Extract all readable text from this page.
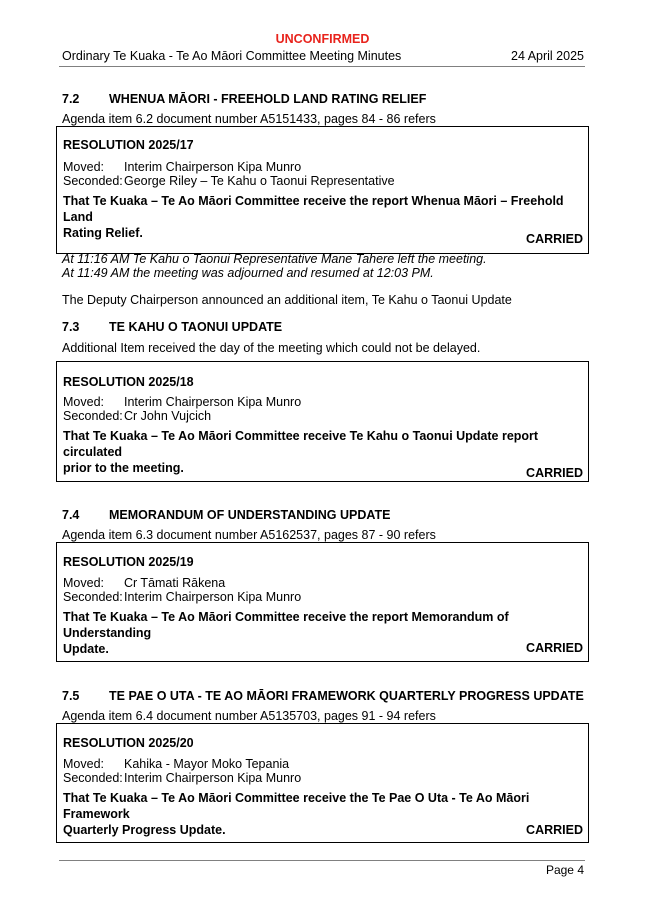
UNCONFIRMED
Ordinary Te Kuaka - Te Ao Māori Committee Meeting Minutes	24 April 2025
7.2 WHENUA MĀORI - FREEHOLD LAND RATING RELIEF
Agenda item 6.2 document number A5151433, pages 84 - 86 refers
RESOLUTION 2025/17
Moved: Interim Chairperson Kipa Munro
Seconded: George Riley – Te Kahu o Taonui Representative
That Te Kuaka – Te Ao Māori Committee receive the report Whenua Māori – Freehold Land
Rating Relief.	CARRIED
At 11:16 AM Te Kahu o Taonui Representative Mane Tahere left the meeting.
At 11:49 AM the meeting was adjourned and resumed at 12:03 PM.
The Deputy Chairperson announced an additional item, Te Kahu o Taonui Update
7.3 TE KAHU O TAONUI UPDATE
Additional Item received the day of the meeting which could not be delayed.
RESOLUTION 2025/18
Moved: Interim Chairperson Kipa Munro
Seconded: Cr John Vujcich
That Te Kuaka – Te Ao Māori Committee receive Te Kahu o Taonui Update report circulated
prior to the meeting.	CARRIED
7.4 MEMORANDUM OF UNDERSTANDING UPDATE
Agenda item 6.3 document number A5162537, pages 87 - 90 refers
RESOLUTION 2025/19
Moved: Cr Tāmati Rākena
Seconded: Interim Chairperson Kipa Munro
That Te Kuaka – Te Ao Māori Committee receive the report Memorandum of Understanding
Update.	CARRIED
7.5 TE PAE O UTA - TE AO MĀORI FRAMEWORK QUARTERLY PROGRESS UPDATE
Agenda item 6.4 document number A5135703, pages 91 - 94 refers
RESOLUTION 2025/20
Moved: Kahika - Mayor Moko Tepania
Seconded: Interim Chairperson Kipa Munro
That Te Kuaka – Te Ao Māori Committee receive the Te Pae O Uta - Te Ao Māori Framework
Quarterly Progress Update.	CARRIED
Page 4
